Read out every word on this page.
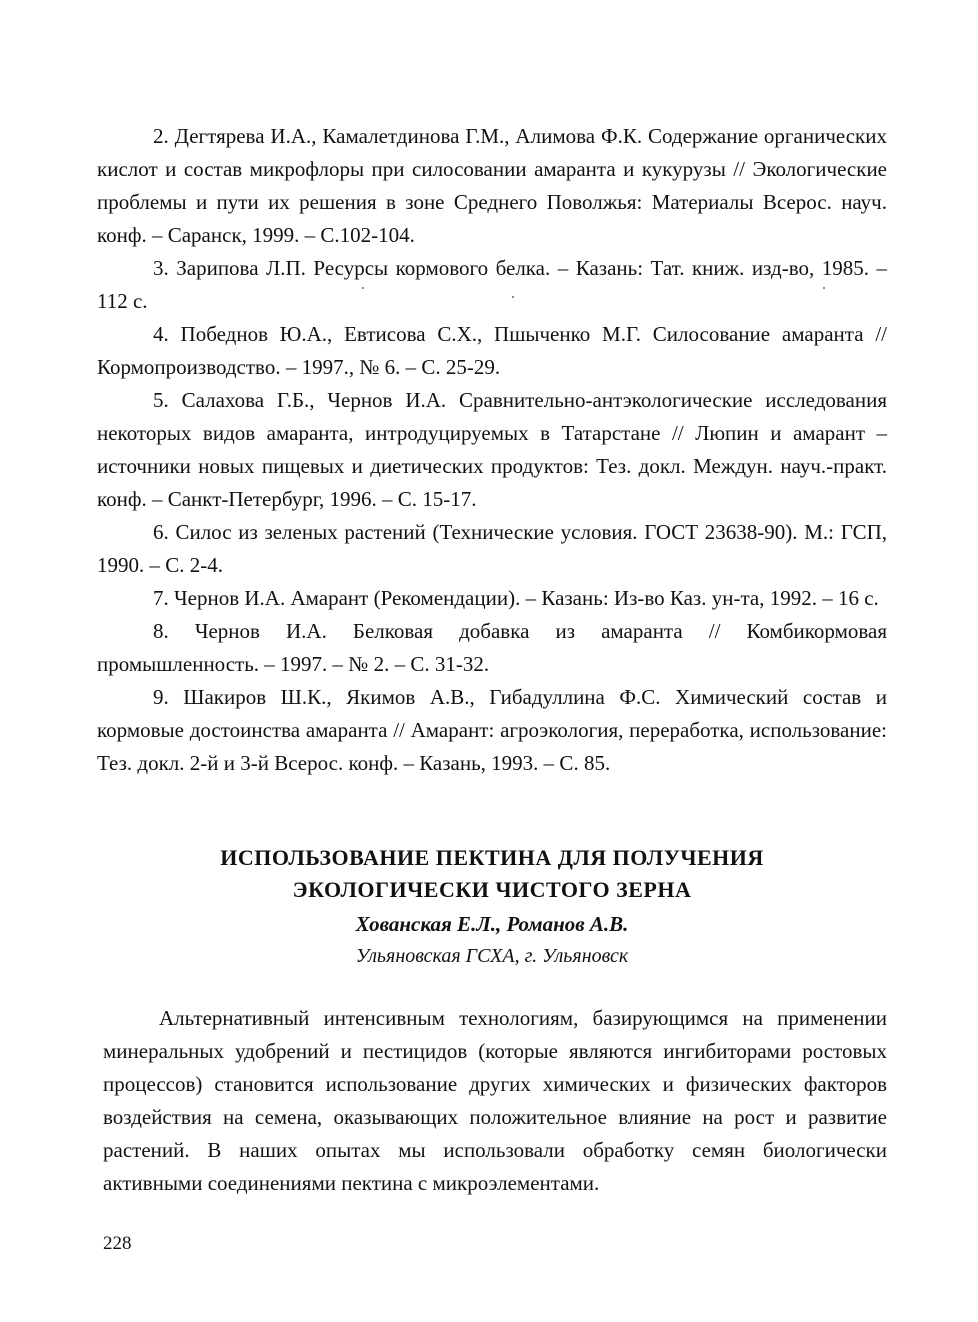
2. Дегтярева И.А., Камалетдинова Г.М., Алимова Ф.К. Содержание органических кислот и состав микрофлоры при силосовании амаранта и кукурузы // Экологические проблемы и пути их решения в зоне Среднего Поволжья: Материалы Всерос. науч. конф. – Саранск, 1999. – С.102-104.

3. Зарипова Л.П. Ресурсы кормового белка. – Казань: Тат. книж. изд-во, 1985. – 112 с.

4. Победнов Ю.А., Евтисова С.Х., Пшыченко М.Г. Силосование амаранта // Кормопроизводство. – 1997., № 6. – С. 25-29.

5. Салахова Г.Б., Чернов И.А. Сравнительно-антэкологические исследования некоторых видов амаранта, интродуцируемых в Татарстане // Люпин и амарант – источники новых пищевых и диетических продуктов: Тез. докл. Междун. науч.-практ. конф. – Санкт-Петербург, 1996. – С. 15-17.

6. Силос из зеленых растений (Технические условия. ГОСТ 23638-90). М.: ГСП, 1990. – С. 2-4.

7. Чернов И.А. Амарант (Рекомендации). – Казань: Из-во Каз. ун-та, 1992. – 16 с.

8. Чернов И.А. Белковая добавка из амаранта // Комбикормовая промышленность. – 1997. – № 2. – С. 31-32.

9. Шакиров Ш.К., Якимов А.В., Гибадуллина Ф.С. Химический состав и кормовые достоинства амаранта // Амарант: агроэкология, переработка, использование: Тез. докл. 2-й и 3-й Всерос. конф. – Казань, 1993. – С. 85.

ИСПОЛЬЗОВАНИЕ ПЕКТИНА ДЛЯ ПОЛУЧЕНИЯ

ЭКОЛОГИЧЕСКИ ЧИСТОГО ЗЕРНА

Хованская Е.Л., Романов А.В.

Ульяновская ГСХА, г. Ульяновск

Альтернативный интенсивным технологиям, базирующимся на применении минеральных удобрений и пестицидов (которые являются ингибиторами ростовых процессов) становится использование других химических и физических факторов воздействия на семена, оказывающих положительное влияние на рост и развитие растений. В наших опытах мы использовали обработку семян биологически активными соединениями пектина с микроэлементами.

228
